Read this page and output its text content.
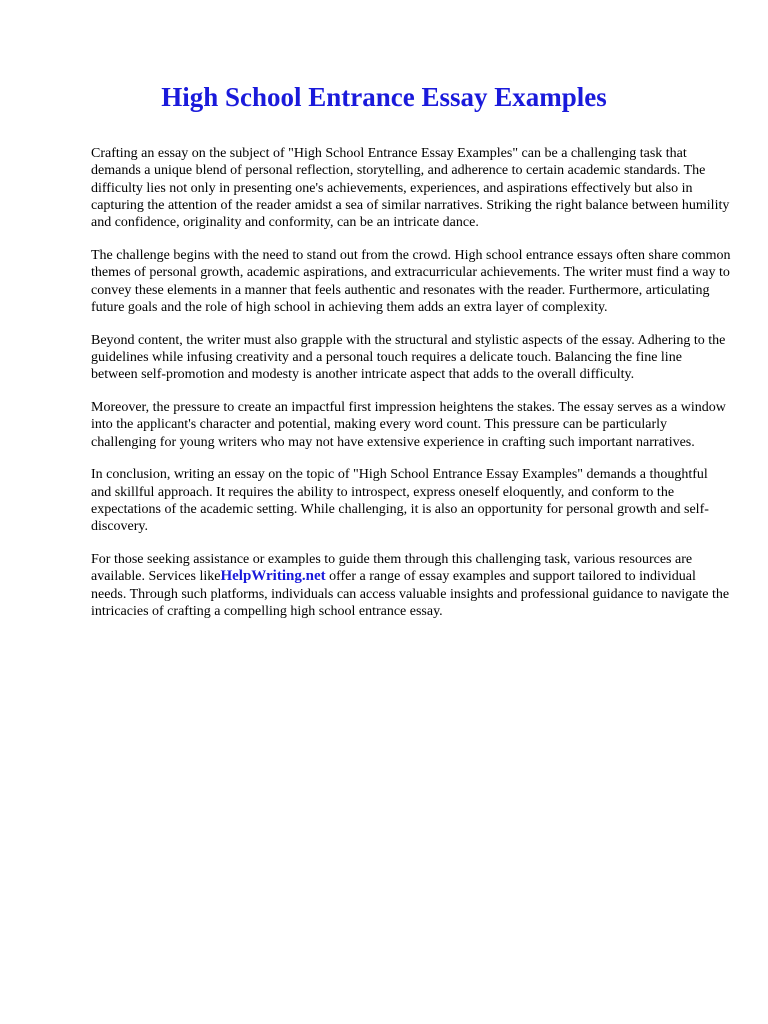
High School Entrance Essay Examples

Crafting an essay on the subject of "High School Entrance Essay Examples" can be a challenging task that demands a unique blend of personal reflection, storytelling, and adherence to certain academic standards. The difficulty lies not only in presenting one's achievements, experiences, and aspirations effectively but also in capturing the attention of the reader amidst a sea of similar narratives. Striking the right balance between humility and confidence, originality and conformity, can be an intricate dance.

The challenge begins with the need to stand out from the crowd. High school entrance essays often share common themes of personal growth, academic aspirations, and extracurricular achievements. The writer must find a way to convey these elements in a manner that feels authentic and resonates with the reader. Furthermore, articulating future goals and the role of high school in achieving them adds an extra layer of complexity.

Beyond content, the writer must also grapple with the structural and stylistic aspects of the essay. Adhering to the guidelines while infusing creativity and a personal touch requires a delicate touch. Balancing the fine line between self-promotion and modesty is another intricate aspect that adds to the overall difficulty.

Moreover, the pressure to create an impactful first impression heightens the stakes. The essay serves as a window into the applicant's character and potential, making every word count. This pressure can be particularly challenging for young writers who may not have extensive experience in crafting such important narratives.

In conclusion, writing an essay on the topic of "High School Entrance Essay Examples" demands a thoughtful and skillful approach. It requires the ability to introspect, express oneself eloquently, and conform to the expectations of the academic setting. While challenging, it is also an opportunity for personal growth and self-discovery.

For those seeking assistance or examples to guide them through this challenging task, various resources are available. Services likeHelpWriting.net offer a range of essay examples and support tailored to individual needs. Through such platforms, individuals can access valuable insights and professional guidance to navigate the intricacies of crafting a compelling high school entrance essay.
